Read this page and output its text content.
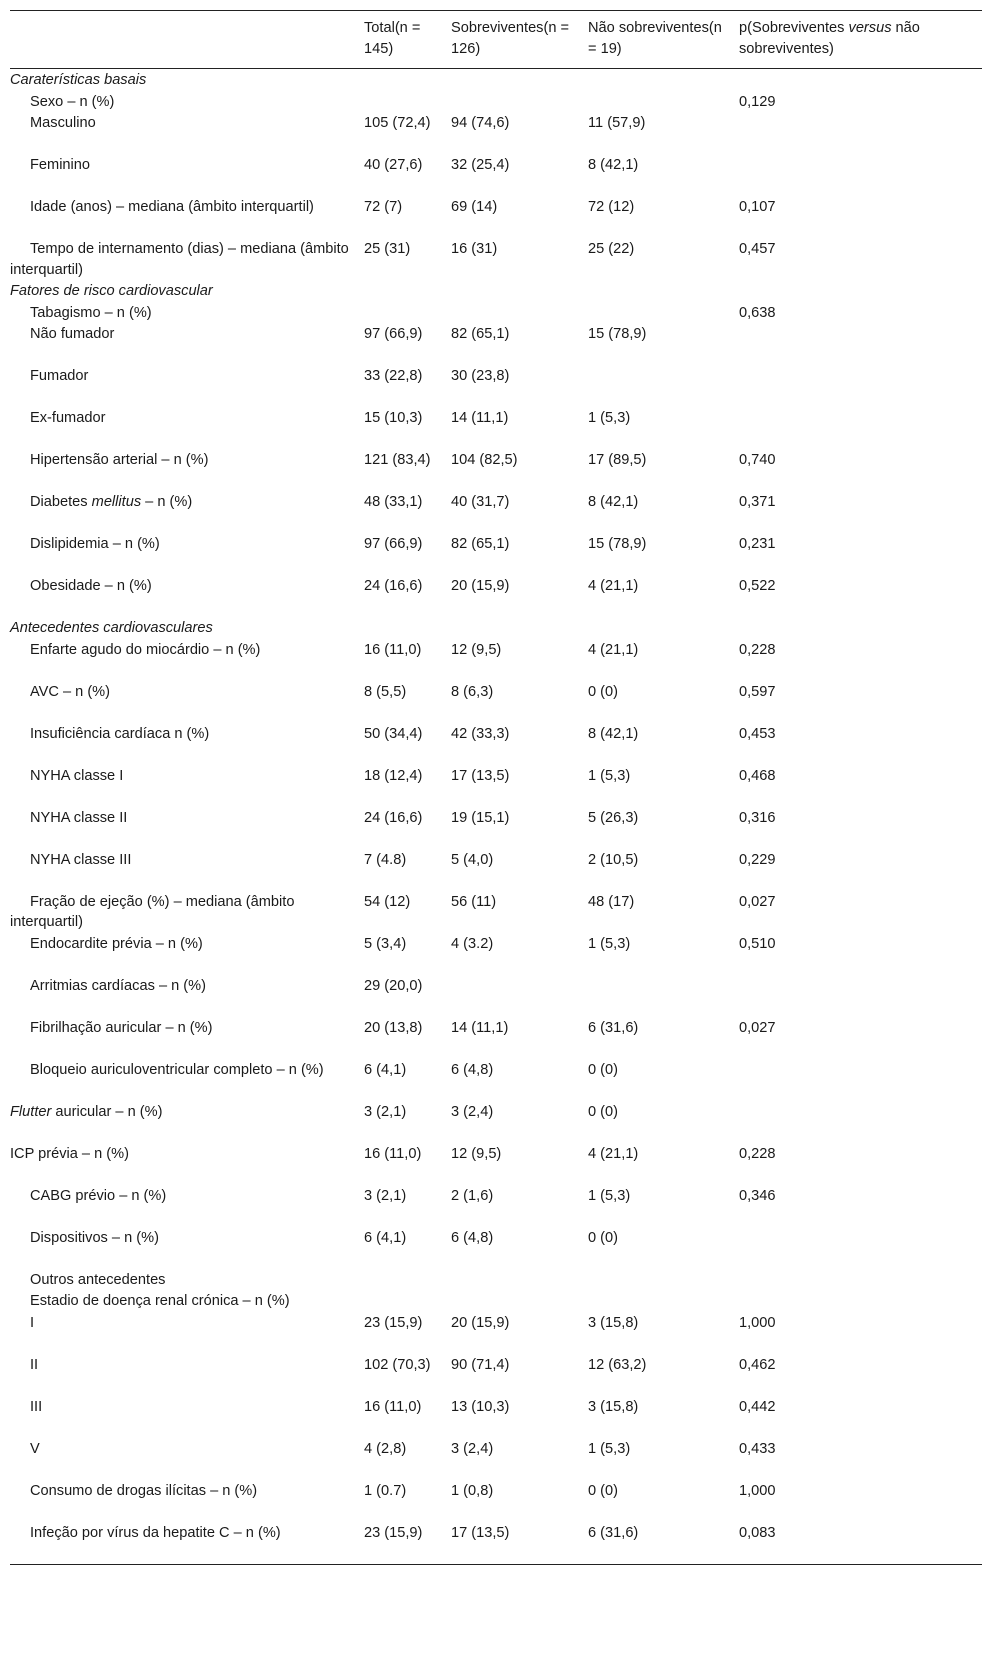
	Total(n = 145)	Sobreviventes(n = 126)	Não sobreviventes(n = 19)	p(Sobreviventes versus não sobreviventes)
Caraterísticas basais				
Sexo – n (%)				0,129
Masculino	105 (72,4)	94 (74,6)	11 (57,9)	
Feminino	40 (27,6)	32 (25,4)	8 (42,1)	
Idade (anos) – mediana (âmbito interquartil)	72 (7)	69 (14)	72 (12)	0,107
Tempo de internamento (dias) – mediana (âmbito interquartil)	25 (31)	16 (31)	25 (22)	0,457
Fatores de risco cardiovascular				
Tabagismo – n (%)				0,638
Não fumador	97 (66,9)	82 (65,1)	15 (78,9)	
Fumador	33 (22,8)	30 (23,8)		
Ex-fumador	15 (10,3)	14 (11,1)	1 (5,3)	
Hipertensão arterial – n (%)	121 (83,4)	104 (82,5)	17 (89,5)	0,740
Diabetes mellitus – n (%)	48 (33,1)	40 (31,7)	8 (42,1)	0,371
Dislipidemia – n (%)	97 (66,9)	82 (65,1)	15 (78,9)	0,231
Obesidade – n (%)	24 (16,6)	20 (15,9)	4 (21,1)	0,522
Antecedentes cardiovasculares				
Enfarte agudo do miocárdio – n (%)	16 (11,0)	12 (9,5)	4 (21,1)	0,228
AVC – n (%)	8 (5,5)	8 (6,3)	0 (0)	0,597
Insuficiência cardíaca n (%)	50 (34,4)	42 (33,3)	8 (42,1)	0,453
NYHA classe I	18 (12,4)	17 (13,5)	1 (5,3)	0,468
NYHA classe II	24 (16,6)	19 (15,1)	5 (26,3)	0,316
NYHA classe III	7 (4.8)	5 (4,0)	2 (10,5)	0,229
Fração de ejeção (%) – mediana (âmbito interquartil)	54 (12)	56 (11)	48 (17)	0,027
Endocardite prévia – n (%)	5 (3,4)	4 (3.2)	1 (5,3)	0,510
Arritmias cardíacas – n (%)	29 (20,0)			
Fibrilhação auricular – n (%)	20 (13,8)	14 (11,1)	6 (31,6)	0,027
Bloqueio auriculoventricular completo – n (%)	6 (4,1)	6 (4,8)	0 (0)	
Flutter auricular – n (%)	3 (2,1)	3 (2,4)	0 (0)	
ICP prévia – n (%)	16 (11,0)	12 (9,5)	4 (21,1)	0,228
CABG prévio – n (%)	3 (2,1)	2 (1,6)	1 (5,3)	0,346
Dispositivos – n (%)	6 (4,1)	6 (4,8)	0 (0)	
Outros antecedentes				
Estadio de doença renal crónica – n (%)				
I	23 (15,9)	20 (15,9)	3 (15,8)	1,000
II	102 (70,3)	90 (71,4)	12 (63,2)	0,462
III	16 (11,0)	13 (10,3)	3 (15,8)	0,442
V	4 (2,8)	3 (2,4)	1 (5,3)	0,433
Consumo de drogas ilícitas – n (%)	1 (0.7)	1 (0,8)	0 (0)	1,000
Infeção por vírus da hepatite C – n (%)	23 (15,9)	17 (13,5)	6 (31,6)	0,083
